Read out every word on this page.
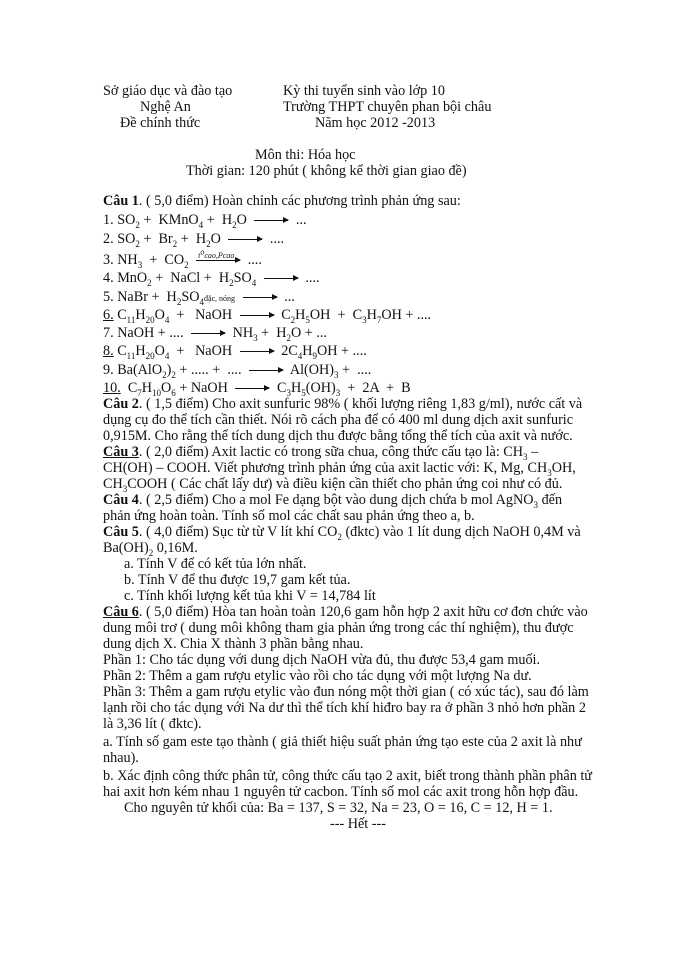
Sở giáo dục và đào tạo
Nghệ An
Đề chính thức
Kỳ thi tuyển sinh vào lớp 10
Trường THPT chuyên phan bội châu
Năm học 2012 -2013
Môn thi: Hóa học
Thời gian: 120 phút ( không kể thời gian giao đề)
Câu 1. ( 5,0 điểm) Hoàn chỉnh các phương trình phản ứng sau:
1. $SO_2$ +  KMnO$_4$ +  $H_2O$ → ...
2. $SO_2 + Br_2 + H_2O$ → ....
3. $NH_3 + CO_2$
$t^ocao,Pcao$ ....
4. MnO$_2$ +  NaCl +  $H_2SO_4$ → ....
5. NaBr +  $H_2SO_4đặc$, nóng → ...
6. $C_{11}H_{20}O_4$  +   NaOH → $C_2H_5OH + C_3H_7OH$ + ....
7. NaOH + .... → $NH_3 + H_2O$ + ...
8. $C_{11}H_{20}O_4$  +   NaOH → $2C_4H_9OH$ + ....
9. $Ba(AlO_2)_2$ + ..... +  .... → $Al(OH)_3$ +  ....
10.  $C_7H_{10}O_6$ + NaOH → $C_3H_5(OH)_3 + 2A + B$
Câu 2. ( 1,5 điểm) Cho axit sunfuric 98% ( khối lượng riêng 1,83 g/ml), nước cất và
dụng cụ đo thể tích cần thiết. Nói rõ cách pha để có 400 ml dung dịch axit sunfuric
0,915M. Cho rằng thể tích dung dịch thu được bằng tổng thể tích của axit và nước.
Câu 3. ( 2,0 điểm) Axit lactic có trong sữa chua, công thức cấu tạo là: $CH_3$ –
CH(OH) – COOH. Viết phương trình phản ứng của axit lactic với: K, Mg, $CH_3OH$,
$CH_3COOH$ ( Các chất lấy dư) và điều kiện cần thiết cho phản ứng coi như có đủ.
Câu 4. ( 2,5 điểm) Cho a mol Fe dạng bột vào dung dịch chứa b mol AgNO$_3$ đến
phản ứng hoàn toàn. Tính số mol các chất sau phản ứng theo a, b.
Câu 5. ( 4,0 điểm) Sục từ từ V lít khí $CO_2$ (đktc) vào 1 lít dung dịch NaOH 0,4M và
$Ba(OH)_2$ 0,16M.
a. Tính V để có kết tủa lớn nhất.
b. Tính V để thu được 19,7 gam kết tủa.
c. Tính khối lượng kết tủa khi V = 14,784 lít
Câu 6. ( 5,0 điểm) Hòa tan hoàn toàn 120,6 gam hỗn hợp 2 axit hữu cơ đơn chức vào
dung môi trơ ( dung môi không tham gia phản ứng trong các thí nghiệm), thu được
dung dịch X. Chia X thành 3 phần bằng nhau.
Phần 1: Cho tác dụng với dung dịch NaOH vừa đủ, thu được 53,4 gam muối.
Phần 2: Thêm a gam rượu etylic vào rồi cho tác dụng với một lượng Na dư.
Phần 3: Thêm a gam rượu etylic vào đun nóng một thời gian ( có xúc tác), sau đó làm
lạnh rồi cho tác dụng với Na dư thì thể tích khí hiđro bay ra ở phần 3 nhỏ hơn phần 2
là 3,36 lít ( đktc).
a. Tính số gam este tạo thành ( giả thiết hiệu suất phản ứng tạo este của 2 axit là như
nhau).
b. Xác định công thức phân tử, công thức cấu tạo 2 axit, biết trong thành phần phân tử
hai axit hơn kém nhau 1 nguyên tử cacbon. Tính số mol các axit trong hỗn hợp đầu.
Cho nguyên tử khối của: Ba = 137, S = 32, Na = 23, O = 16, C = 12, H = 1.
--- Hết ---
